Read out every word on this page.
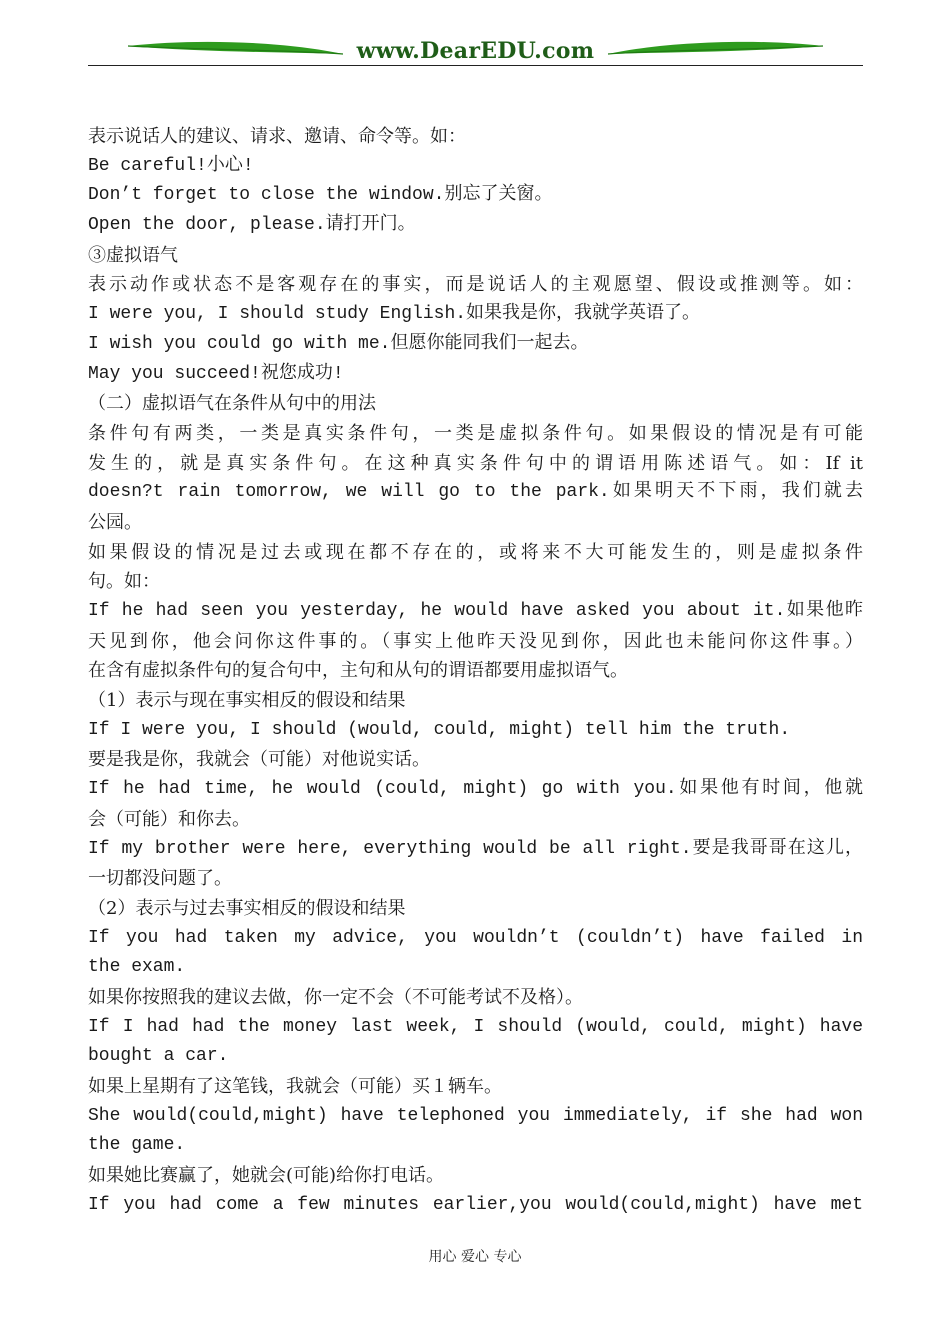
www.DearEDU.com
表示说话人的建议、请求、邀请、命令等。如：
Be careful!小心!
Don’t forget to close the window.别忘了关窗。
Open the door, please.请打开门。
③虚拟语气
表示动作或状态不是客观存在的事实，而是说话人的主观愿望、假设或推测等。如：
I were you, I should study English.如果我是你，我就学英语了。
I wish you could go with me.但愿你能同我们一起去。
May you succeed!祝您成功!
（二）虚拟语气在条件从句中的用法
条件句有两类，一类是真实条件句，一类是虚拟条件句。如果假设的情况是有可能
发生的，就是真实条件句。在这种真实条件句中的谓语用陈述语气。如：If it
doesn?t rain tomorrow, we will go to the park.如果明天不下雨，我们就去
公园。
如果假设的情况是过去或现在都不存在的，或将来不大可能发生的，则是虚拟条件
句。如：
If he had seen you yesterday, he would have asked you about it.如果他昨
天见到你，他会问你这件事的。（事实上他昨天没见到你，因此也未能问你这件事。）
在含有虚拟条件句的复合句中，主句和从句的谓语都要用虚拟语气。
（1）表示与现在事实相反的假设和结果
If I were you, I should (would, could, might) tell him the truth.
要是我是你，我就会（可能）对他说实话。
If he had time, he would (could, might) go with you.如果他有时间，他就
会（可能）和你去。
If my brother were here, everything would be all right.要是我哥哥在这儿，
一切都没问题了。
（2）表示与过去事实相反的假设和结果
If you had taken my advice, you wouldn’t (couldn’t) have failed in
the exam.
如果你按照我的建议去做，你一定不会（不可能考试不及格）。
If I had had the money last week, I should (would, could, might) have
bought a car.
如果上星期有了这笔钱，我就会（可能）买１辆车。
She would(could,might) have telephoned you immediately, if she had won
the game.
如果她比赛赢了，她就会(可能)给你打电话。
If you had come a few minutes earlier,you would(could,might) have met
用心 爱心 专心
